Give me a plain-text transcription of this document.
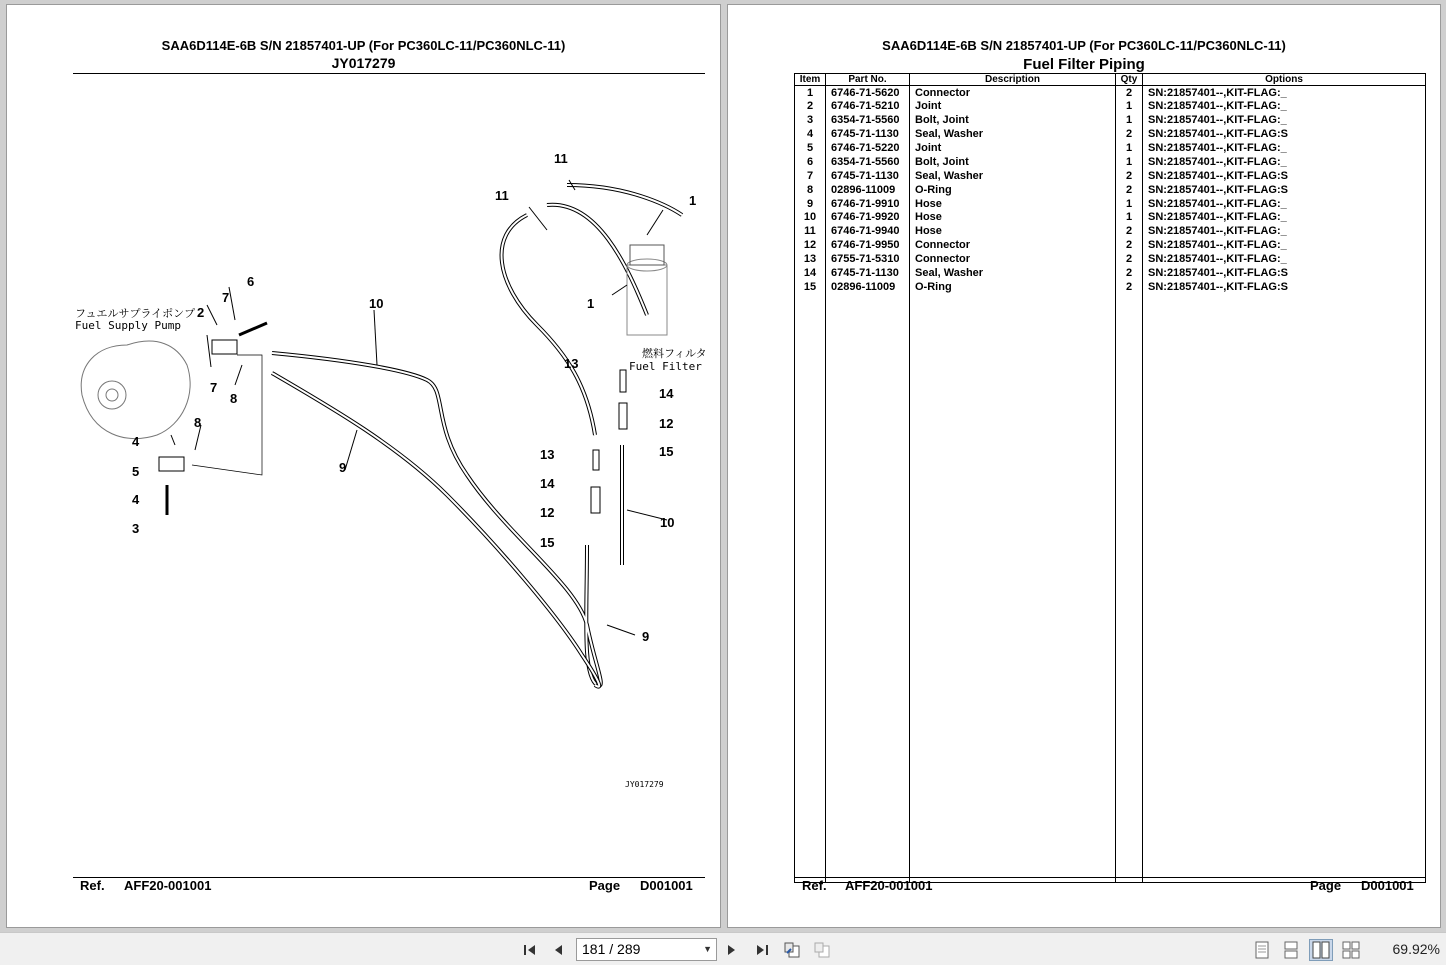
SAA6D114E-6B S/N 21857401-UP (For PC360LC-11/PC360NLC-11)
JY017279
11
11	1
1
6
7
2
10
7
8
13
14
12
15
13
14
12
15
4
8
5
4
3
9
10
9
フュエルサプライポンプ
Fuel Supply Pump
燃料フィルタ
Fuel Filter
JY017279
Ref. AFF20-001001	Page D001001
SAA6D114E-6B S/N 21857401-UP (For PC360LC-11/PC360NLC-11)
Fuel Filter Piping
Item	Part No.	Description	Qty	Options
1	6746-71-5620	Connector	2	SN:21857401--,KIT-FLAG:_
2	6746-71-5210	Joint	1	SN:21857401--,KIT-FLAG:_
3	6354-71-5560	Bolt, Joint	1	SN:21857401--,KIT-FLAG:_
4	6745-71-1130	Seal, Washer	2	SN:21857401--,KIT-FLAG:S
5	6746-71-5220	Joint	1	SN:21857401--,KIT-FLAG:_
6	6354-71-5560	Bolt, Joint	1	SN:21857401--,KIT-FLAG:_
7	6745-71-1130	Seal, Washer	2	SN:21857401--,KIT-FLAG:S
8	02896-11009	O-Ring	2	SN:21857401--,KIT-FLAG:S
9	6746-71-9910	Hose	1	SN:21857401--,KIT-FLAG:_
10	6746-71-9920	Hose	1	SN:21857401--,KIT-FLAG:_
11	6746-71-9940	Hose	2	SN:21857401--,KIT-FLAG:_
12	6746-71-9950	Connector	2	SN:21857401--,KIT-FLAG:_
13	6755-71-5310	Connector	2	SN:21857401--,KIT-FLAG:_
14	6745-71-1130	Seal, Washer	2	SN:21857401--,KIT-FLAG:S
15	02896-11009	O-Ring	2	SN:21857401--,KIT-FLAG:S

Ref. AFF20-001001	Page D001001
181 / 289	▼	69.92%
